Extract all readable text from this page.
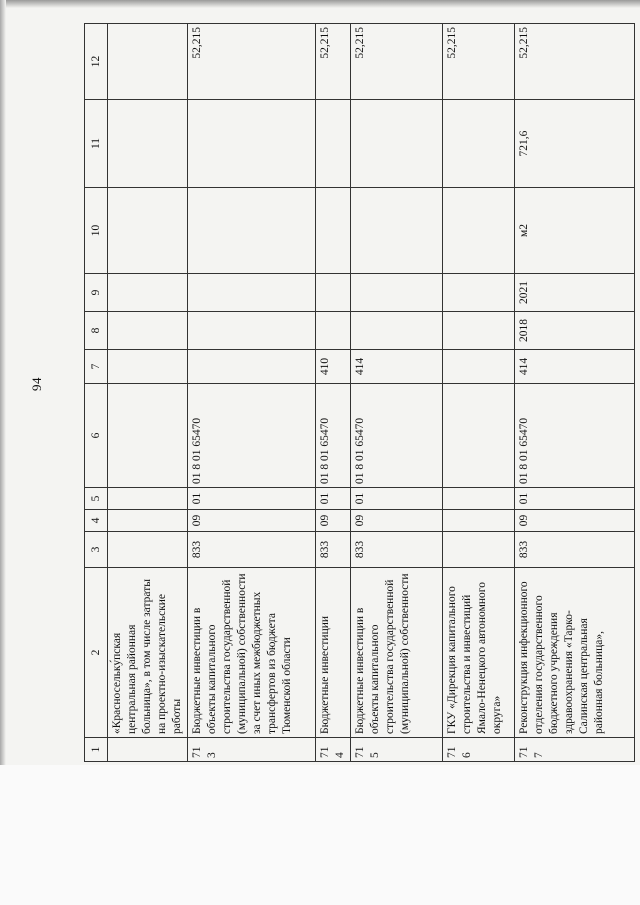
94
1	2	3	4	5	6	7	8	9	10	11	12
	«Красносельку́пская центральная районная больница», в том числе затраты на проектно-изыскательские работы										
713	Бюджетные инвестиции в объекты капитального строительства государственной (муниципальной) собственности за счет иных межбюджетных трансфертов из бюджета Тюменской области	833	09	01	01 8 01 65470						52,215
714	Бюджетные инвестиции	833	09	01	01 8 01 65470	410					52,215
715	Бюджетные инвестиции в объекты капитального строительства государственной (муниципальной) собственности	833	09	01	01 8 01 65470	414					52,215
716	ГКУ «Дирекция капитального строительства и инвестиций Ямало-Ненецкого автономного округа»										52,215
717	Реконструкция инфекционного отделения государственного бюджетного учреждения здравоохранения «Тарко-Салинская центральная районная больница»,	833	09	01	01 8 01 65470	414	2018	2021	м2	721,6	52,215
